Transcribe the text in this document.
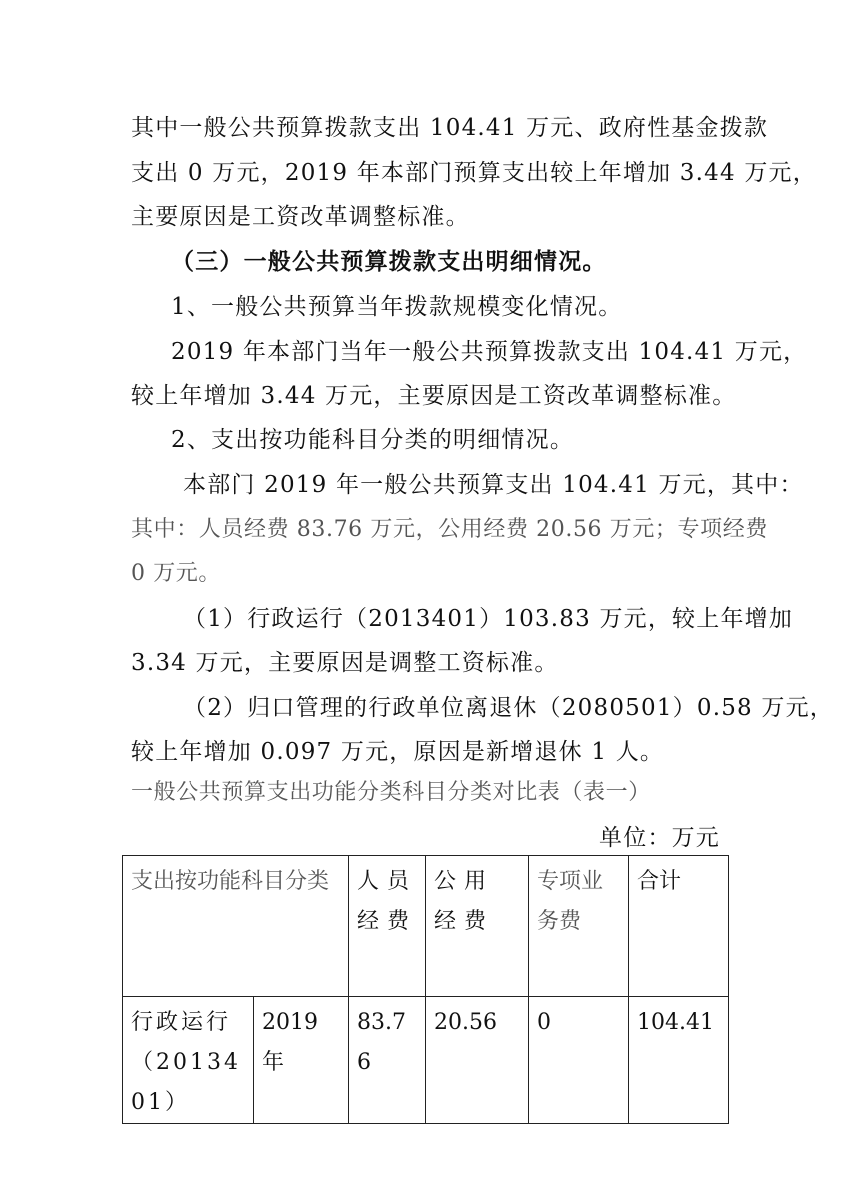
其中一般公共预算拨款支出 104.41 万元、政府性基金拨款
支出 0 万元，2019 年本部门预算支出较上年增加 3.44 万元，
主要原因是工资改革调整标准。
（三）一般公共预算拨款支出明细情况。
1、一般公共预算当年拨款规模变化情况。
2019 年本部门当年一般公共预算拨款支出 104.41 万元，
较上年增加 3.44 万元，主要原因是工资改革调整标准。
2、支出按功能科目分类的明细情况。
本部门 2019 年一般公共预算支出 104.41 万元，其中：
其中：人员经费 83.76 万元，公用经费 20.56 万元；专项经费
0 万元。
（1）行政运行（2013401）103.83 万元，较上年增加
3.34 万元，主要原因是调整工资标准。
（2）归口管理的行政单位离退休（2080501）0.58 万元，
较上年增加 0.097 万元，原因是新增退休 1 人。
一般公共预算支出功能分类科目分类对比表（表一）
单位：万元
支出按功能科目分类		人员经费	公用经费	专项业务费	合计
行政运行（2013401）	2019 年	83.76	20.56	0	104.41
